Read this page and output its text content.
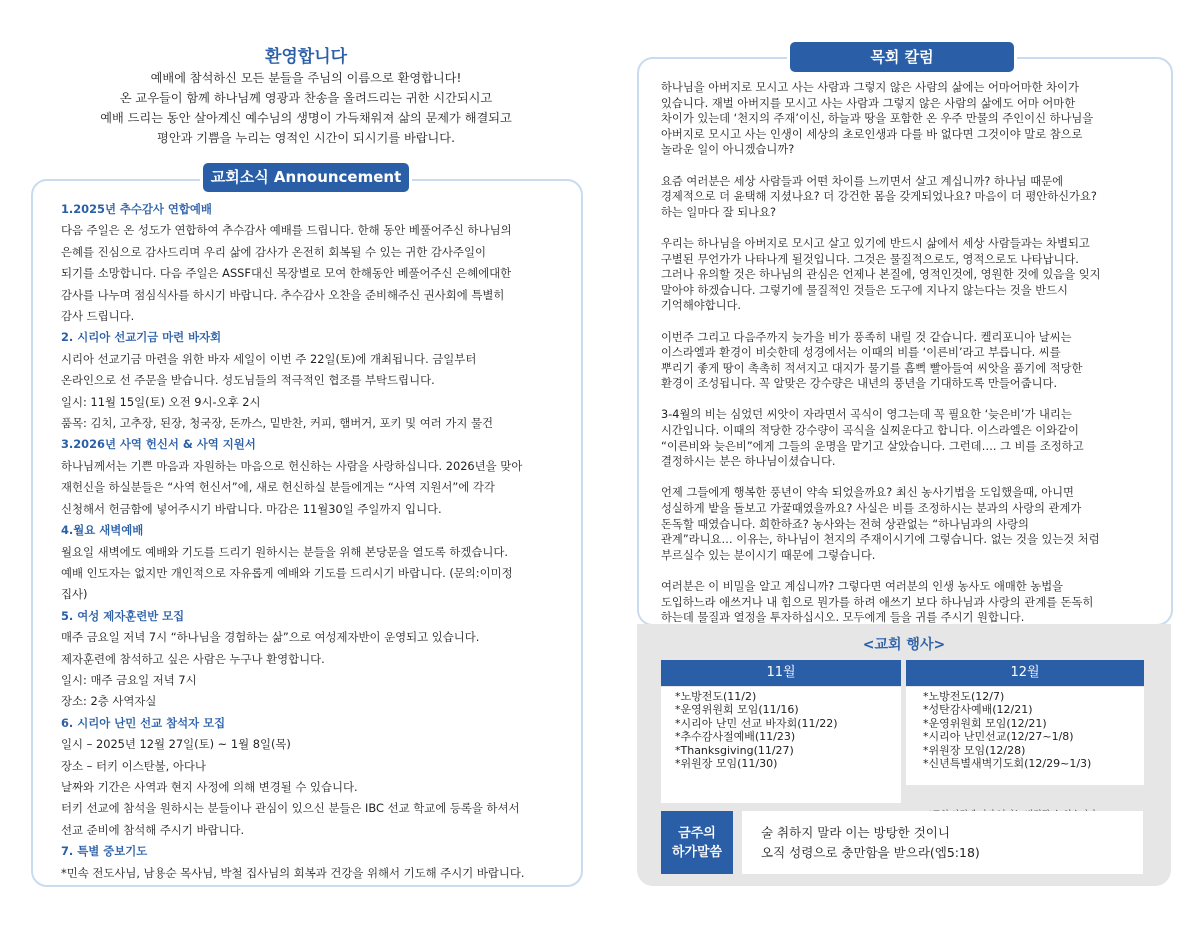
환영합니다
예배에 참석하신 모든 분들을 주님의 이름으로 환영합니다!
온 교우들이 함께 하나님께 영광과 찬송을 올려드리는 귀한 시간되시고
예배 드리는 동안 살아계신 예수님의 생명이 가득채워져 삶의 문제가 해결되고
평안과 기쁨을 누리는 영적인 시간이 되시기를 바랍니다.
교회소식 Announcement
1.2025년 추수감사 연합예배
다음 주일은 온 성도가 연합하여 추수감사 예배를 드립니다. 한해 동안 베풀어주신 하나님의
은혜를 진심으로 감사드리며 우리 삶에 감사가 온전히 회복될 수 있는 귀한 감사주일이
되기를 소망합니다. 다음 주일은 ASSF대신 목장별로 모여 한해동안 베풀어주신 은혜에대한
감사를 나누며 점심식사를 하시기 바랍니다. 추수감사 오찬을 준비해주신 권사회에 특별히
감사 드립니다.
2. 시리아 선교기금 마련 바자회
시리아 선교기금 마련을 위한 바자 세일이 이번 주 22일(토)에 개최됩니다. 금일부터
온라인으로 선 주문을 받습니다. 성도님들의 적극적인 협조를 부탁드립니다.
일시: 11월 15일(토) 오전 9시-오후 2시
품목: 김치, 고추장, 된장, 청국장, 돈까스, 밑반찬, 커피, 햄버거, 포키 및 여러 가지 물건
3.2026년 사역 헌신서 & 사역 지원서
하나님께서는 기쁜 마음과 자원하는 마음으로 헌신하는 사람을 사랑하십니다. 2026년을 맞아
재헌신을 하실분들은 “사역 헌신서”에, 새로 헌신하실 분들에게는 “사역 지원서”에 각각
신청해서 헌금함에 넣어주시기 바랍니다. 마감은 11월30일 주일까지 입니다.
4.월요 새벽예배
월요일 새벽에도 예배와 기도를 드리기 원하시는 분들을 위해 본당문을 열도록 하겠습니다.
예배 인도자는 없지만 개인적으로 자유롭게 예배와 기도를 드리시기 바랍니다. (문의:이미정
집사)
5. 여성 제자훈련반 모집
매주 금요일 저녁 7시 “하나님을 경험하는 삶”으로 여성제자반이 운영되고 있습니다.
제자훈련에 참석하고 싶은 사람은 누구나 환영합니다.
일시: 매주 금요일 저녁 7시
장소: 2층 사역자실
6. 시리아 난민 선교 참석자 모집
일시 – 2025년 12월 27일(토) ~ 1월 8일(목)
장소 – 터키 이스탄불, 아다나
날짜와 기간은 사역과 현지 사정에 의해 변경될 수 있습니다.
터키 선교에 참석을 원하시는 분들이나 관심이 있으신 분들은 IBC 선교 학교에 등록을 하셔서
선교 준비에 참석해 주시기 바랍니다.
7. 특별 중보기도
*민속 전도사님, 남용순 목사님, 박철 집사님의 회복과 건강을 위해서 기도해 주시기 바랍니다.
목회 칼럼

하나님을 아버지로 모시고 사는 사람과 그렇지 않은 사람의 삶에는 어마어마한 차이가
있습니다. 재벌 아버지를 모시고 사는 사람과 그렇지 않은 사람의 삶에도 어마 어마한
차이가 있는데 ‘천지의 주재’이신, 하늘과 땅을 포함한 온 우주 만물의 주인이신 하나님을
아버지로 모시고 사는 인생이 세상의 초로인생과 다를 바 없다면 그것이야 말로 참으로
놀라운 일이 아니겠습니까?

요즘 여러분은 세상 사람들과 어떤 차이를 느끼면서 살고 계십니까? 하나님 때문에
경제적으로 더 윤택해 지셨나요? 더 강건한 몸을 갖게되었나요? 마음이 더 평안하신가요?
하는 일마다 잘 되나요?

우리는 하나님을 아버지로 모시고 살고 있기에 반드시 삶에서 세상 사람들과는 차별되고
구별된 무언가가 나타나게 될것입니다. 그것은 물질적으로도, 영적으로도 나타납니다.
그러나 유의할 것은 하나님의 관심은 언제나 본질에, 영적인것에, 영원한 것에 있음을 잊지
말아야 하겠습니다. 그렇기에 물질적인 것들은 도구에 지나지 않는다는 것을 반드시
기억해야합니다.

이번주 그리고 다음주까지 늦가을 비가 풍족히 내릴 것 같습니다. 켈리포니아 날씨는
이스라엘과 환경이 비슷한데 성경에서는 이때의 비를 ‘이른비’라고 부릅니다. 씨를
뿌리기 좋게 땅이 촉촉히 적셔지고 대지가 물기를 흠뻑 빨아들여 씨앗을 품기에 적당한
환경이 조성됩니다. 꼭 알맞은 강수량은 내년의 풍년을 기대하도록 만들어줍니다.

3-4월의 비는 심었던 씨앗이 자라면서 곡식이 영그는데 꼭 필요한 ‘늦은비’가 내리는
시간입니다. 이때의 적당한 강수량이 곡식을 실찌운다고 합니다. 이스라엘은 이와같이
“이른비와 늦은비”에게 그들의 운명을 맡기고 살았습니다. 그런데…. 그 비를 조정하고
결정하시는 분은 하나님이셨습니다.

언제 그들에게 행복한 풍년이 약속 되었을까요? 최신 농사기법을 도입했을때, 아니면
성실하게 밭을 돌보고 가꿀때였을까요? 사실은 비를 조정하시는 분과의 사랑의 관계가
돈독할 때였습니다. 희한하죠? 농사와는 전혀 상관없는 “하나님과의 사랑의
관계”라니요… 이유는, 하나님이 천지의 주재이시기에 그렇습니다. 없는 것을 있는것 처럼
부르실수 있는 분이시기 때문에 그렇습니다.

여러분은 이 비밀을 알고 계십니까? 그렇다면 여러분의 인생 농사도 애매한 농법을
도입하느라 애쓰거나 내 힘으로 뭔가를 하려 애쓰기 보다 하나님과 사랑의 관계를 돈독히
하는데 물질과 열정을 투자하십시오. 모두에게 들을 귀를 주시기 원합니다.

<교회 행사>
11월	12월
*노방전도(11/2)
*운영위원회 모임(11/16)
*시리아 난민 선교 바자회(11/22)
*추수감사절예배(11/23)
*Thanksgiving(11/27)
*위원장 모임(11/30)
*노방전도(12/7)
*성탄감사예배(12/21)
*운영위원회 모임(12/21)
*시리아 난민선교(12/27~1/8)
*위원장 모임(12/28)
*신년특별새벽기도회(12/29~1/3)
금주의
하가말씀
술 취하지 말라 이는 방탕한 것이니
오직 성령으로 충만함을 받으라(엡5:18)
